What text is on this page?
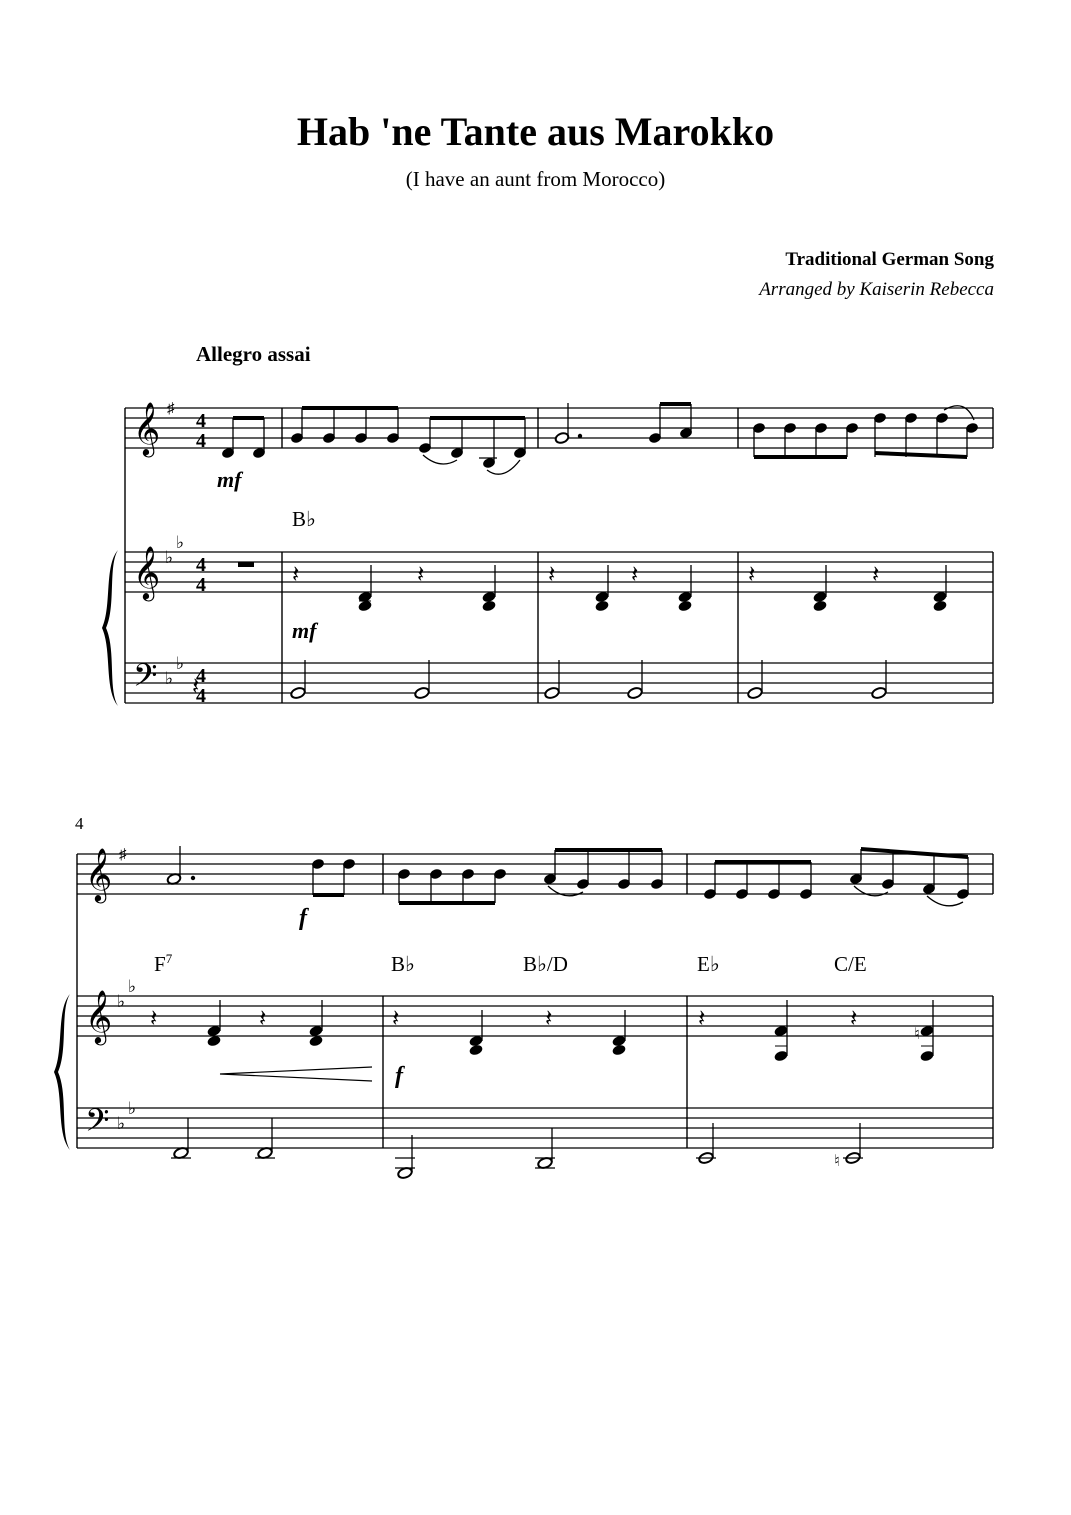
Hab 'ne Tante aus Marokko
(I have an aunt from Morocco)
Traditional German Song
Arranged by Kaiserin Rebecca
Allegro assai
𝄞
𝄞
𝄢
♯
♭
♭
♭
♭
4
4
4
4
4
4
𝄽	𝄽	𝄽	𝄽	𝄽	𝄽
𝄽
B♭
mf
mf
4
𝄞
𝄞
𝄢
♯
♭
♭
♭
♭
𝄽	𝄽	𝄽	𝄽	𝄽	𝄽
♮
♮
$F^7$	B♭	B♭/D	E♭	C/E
f
f
